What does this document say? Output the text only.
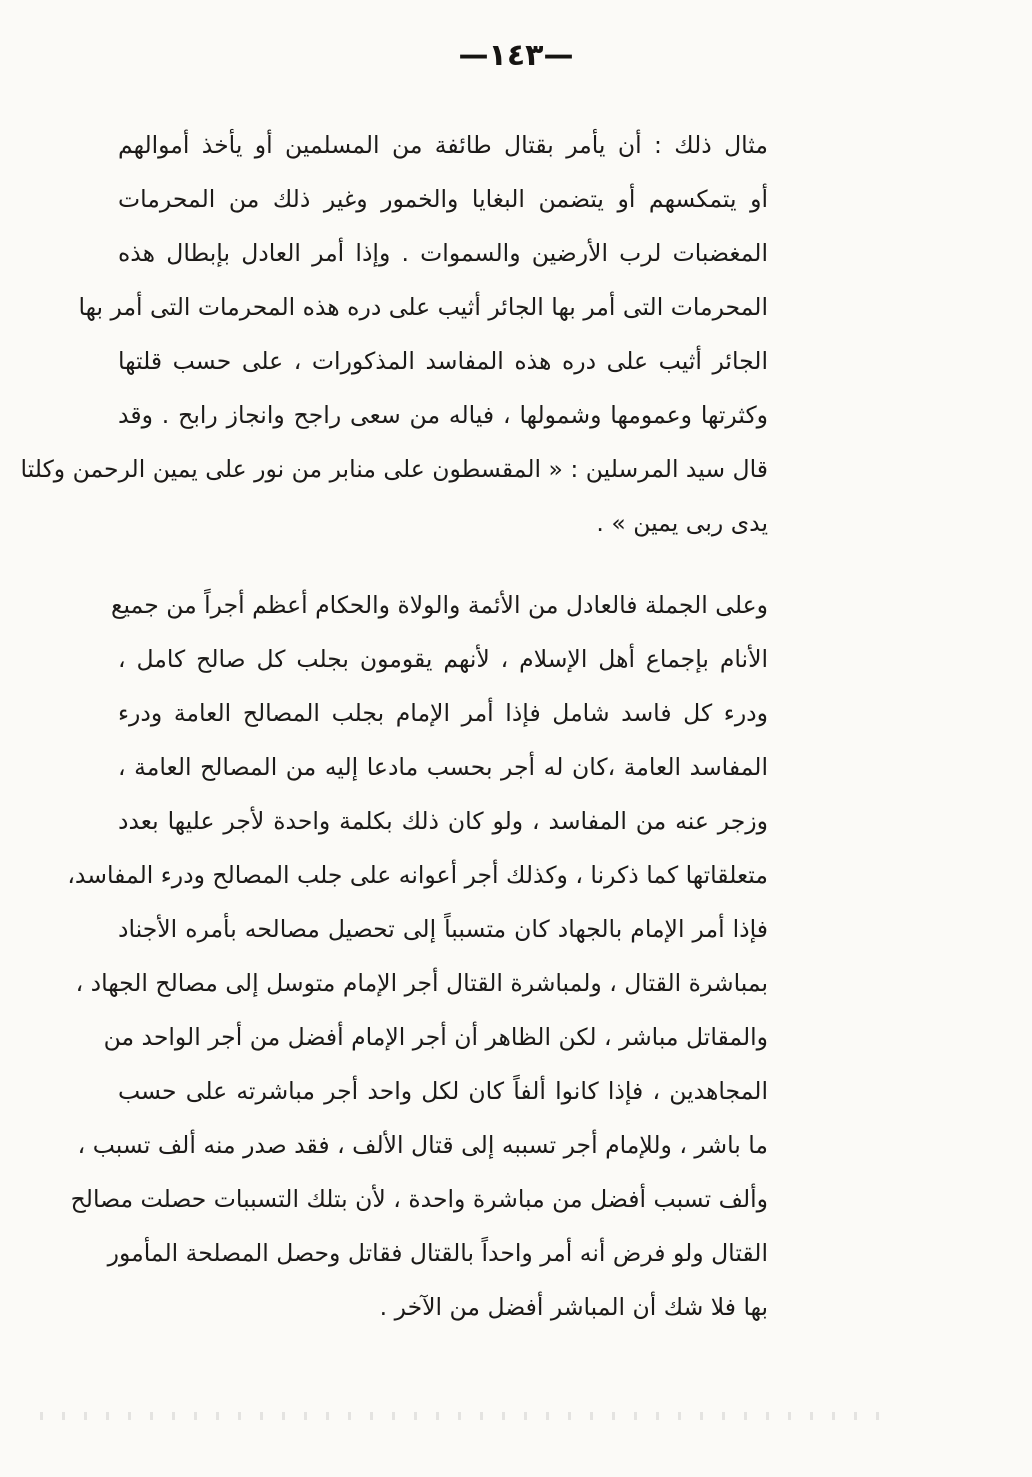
—١٤٣—
مثال ذلك : أن يأمر بقتال طائفة من المسلمين أو يأخذ أموالهم
أو يتمكسهم أو يتضمن البغايا والخمور وغير ذلك من المحرمات
المغضبات لرب الأرضين والسموات . وإذا أمر العادل بإبطال هذه
المحرمات التى أمر بها الجائر أثيب على دره هذه المحرمات التى أمر بها
الجائر أثيب على دره هذه المفاسد المذكورات ، على حسب قلتها
وكثرتها وعمومها وشمولها ، فياله من سعى راجح وانجاز رابح . وقد
قال سيد المرسلين : « المقسطون على منابر من نور على يمين الرحمن وكلتا
يدى ربى يمين » .
وعلى الجملة فالعادل من الأئمة والولاة والحكام أعظم أجراً من جميع
الأنام بإجماع أهل الإسلام ، لأنهم يقومون بجلب كل صالح كامل ،
ودرء كل فاسد شامل فإذا أمر الإمام بجلب المصالح العامة ودرء
المفاسد العامة ،كان له أجر بحسب مادعا إليه من المصالح العامة ،
وزجر عنه من المفاسد ، ولو كان ذلك بكلمة واحدة لأجر عليها بعدد
متعلقاتها كما ذكرنا ، وكذلك أجر أعوانه على جلب المصالح ودرء المفاسد،
فإذا أمر الإمام بالجهاد كان متسبباً إلى تحصيل مصالحه بأمره الأجناد
بمباشرة القتال ، ولمباشرة القتال أجر الإمام متوسل إلى مصالح الجهاد ،
والمقاتل مباشر ، لكن الظاهر أن أجر الإمام أفضل من أجر الواحد من
المجاهدين ، فإذا كانوا ألفاً كان لكل واحد أجر مباشرته على حسب
ما باشر ، وللإمام أجر تسببه إلى قتال الألف ، فقد صدر منه ألف تسبب ،
وألف تسبب أفضل من مباشرة واحدة ، لأن بتلك التسببات حصلت مصالح
القتال ولو فرض أنه أمر واحداً بالقتال فقاتل وحصل المصلحة المأمور
بها فلا شك أن المباشر أفضل من الآخر .
